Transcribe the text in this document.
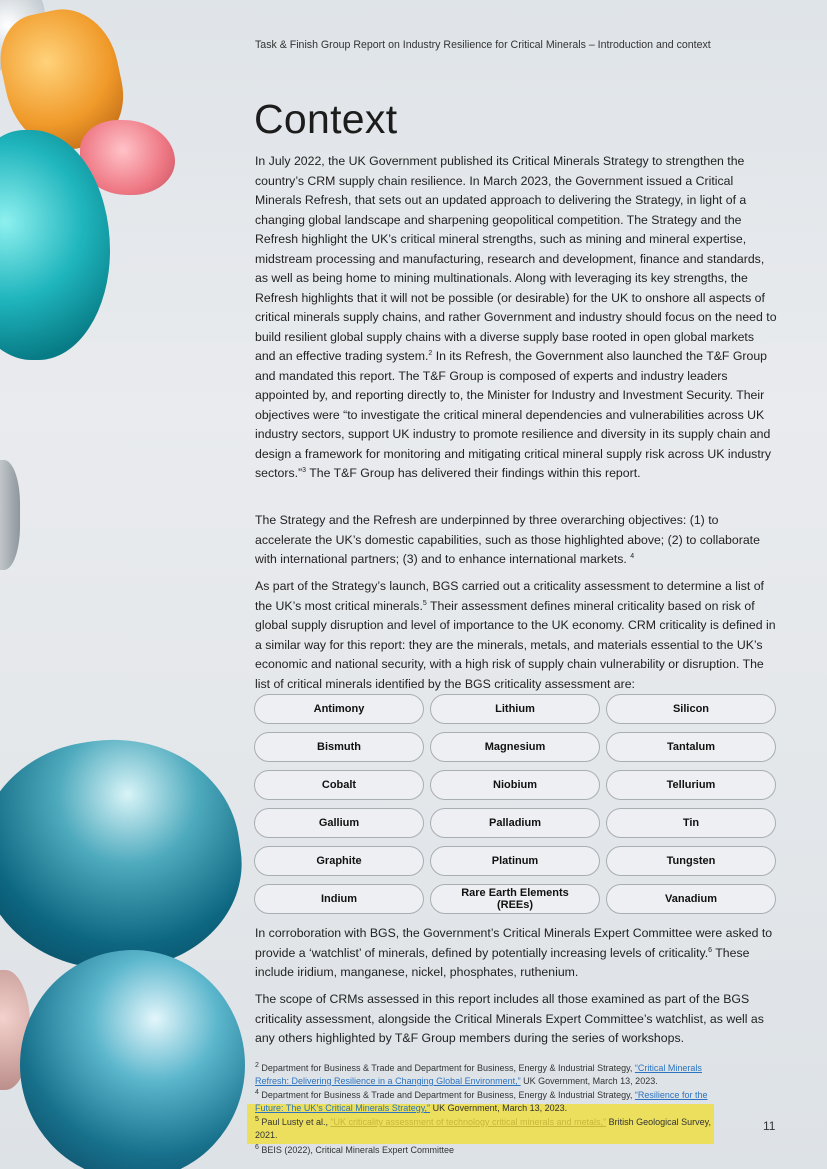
Task & Finish Group Report on Industry Resilience for Critical Minerals – Introduction and context
Context

In July 2022, the UK Government published its Critical Minerals Strategy to strengthen the country’s CRM supply chain resilience. In March 2023, the Government issued a Critical Minerals Refresh, that sets out an updated approach to delivering the Strategy, in light of a changing global landscape and sharpening geopolitical competition. The Strategy and the Refresh highlight the UK’s critical mineral strengths, such as mining and mineral expertise, midstream processing and manufacturing, research and development, finance and standards, as well as being home to mining multinationals. Along with leveraging its key strengths, the Refresh highlights that it will not be possible (or desirable) for the UK to onshore all aspects of critical minerals supply chains, and rather Government and industry should focus on the need to build resilient global supply chains with a diverse supply base rooted in open global markets and an effective trading system.$^2$ In its Refresh, the Government also launched the T&F Group and mandated this report. The T&F Group is composed of experts and industry leaders appointed by, and reporting directly to, the Minister for Industry and Investment Security. Their objectives were “to investigate the critical mineral dependencies and vulnerabilities across UK industry sectors, support UK industry to promote resilience and diversity in its supply chain and design a framework for monitoring and mitigating critical mineral supply risk across UK industry sectors.”$^3$ The T&F Group has delivered their findings within this report.

The Strategy and the Refresh are underpinned by three overarching objectives: (1) to accelerate the UK’s domestic capabilities, such as those highlighted above; (2) to collaborate with international partners; (3) and to enhance international markets. $^4$

As part of the Strategy’s launch, BGS carried out a criticality assessment to determine a list of the UK’s most critical minerals.$^5$ Their assessment defines mineral criticality based on risk of global supply disruption and level of importance to the UK economy. CRM criticality is defined in a similar way for this report: they are the minerals, metals, and materials essential to the UK’s economic and national security, with a high risk of supply chain vulnerability or disruption. The list of critical minerals identified by the BGS criticality assessment are:

Antimony	Lithium	Silicon
Bismuth	Magnesium	Tantalum
Cobalt	Niobium	Tellurium
Gallium	Palladium	Tin
Graphite	Platinum	Tungsten
Indium	Rare Earth Elements (REEs)	Vanadium

In corroboration with BGS, the Government’s Critical Minerals Expert Committee were asked to provide a ‘watchlist’ of minerals, defined by potentially increasing levels of criticality.$^6$ These include iridium, manganese, nickel, phosphates, ruthenium.

The scope of CRMs assessed in this report includes all those examined as part of the BGS criticality assessment, alongside the Critical Minerals Expert Committee’s watchlist, as well as any others highlighted by T&F Group members during the series of workshops.

$^2$ Department for Business & Trade and Department for Business, Energy & Industrial Strategy, “Critical Minerals Refresh: Delivering Resilience in a Changing Global Environment,” UK Government, March 13, 2023.

$^4$ Department for Business & Trade and Department for Business, Energy & Industrial Strategy, “Resilience for the Future: The UK’s Critical Minerals Strategy,” UK Government, March 13, 2023.

$^5$ Paul Lusty et al., “UK criticality assessment of technology critical minerals and metals,” British Geological Survey, 2021.

$^6$ BEIS (2022), Critical Minerals Expert Committee

11
